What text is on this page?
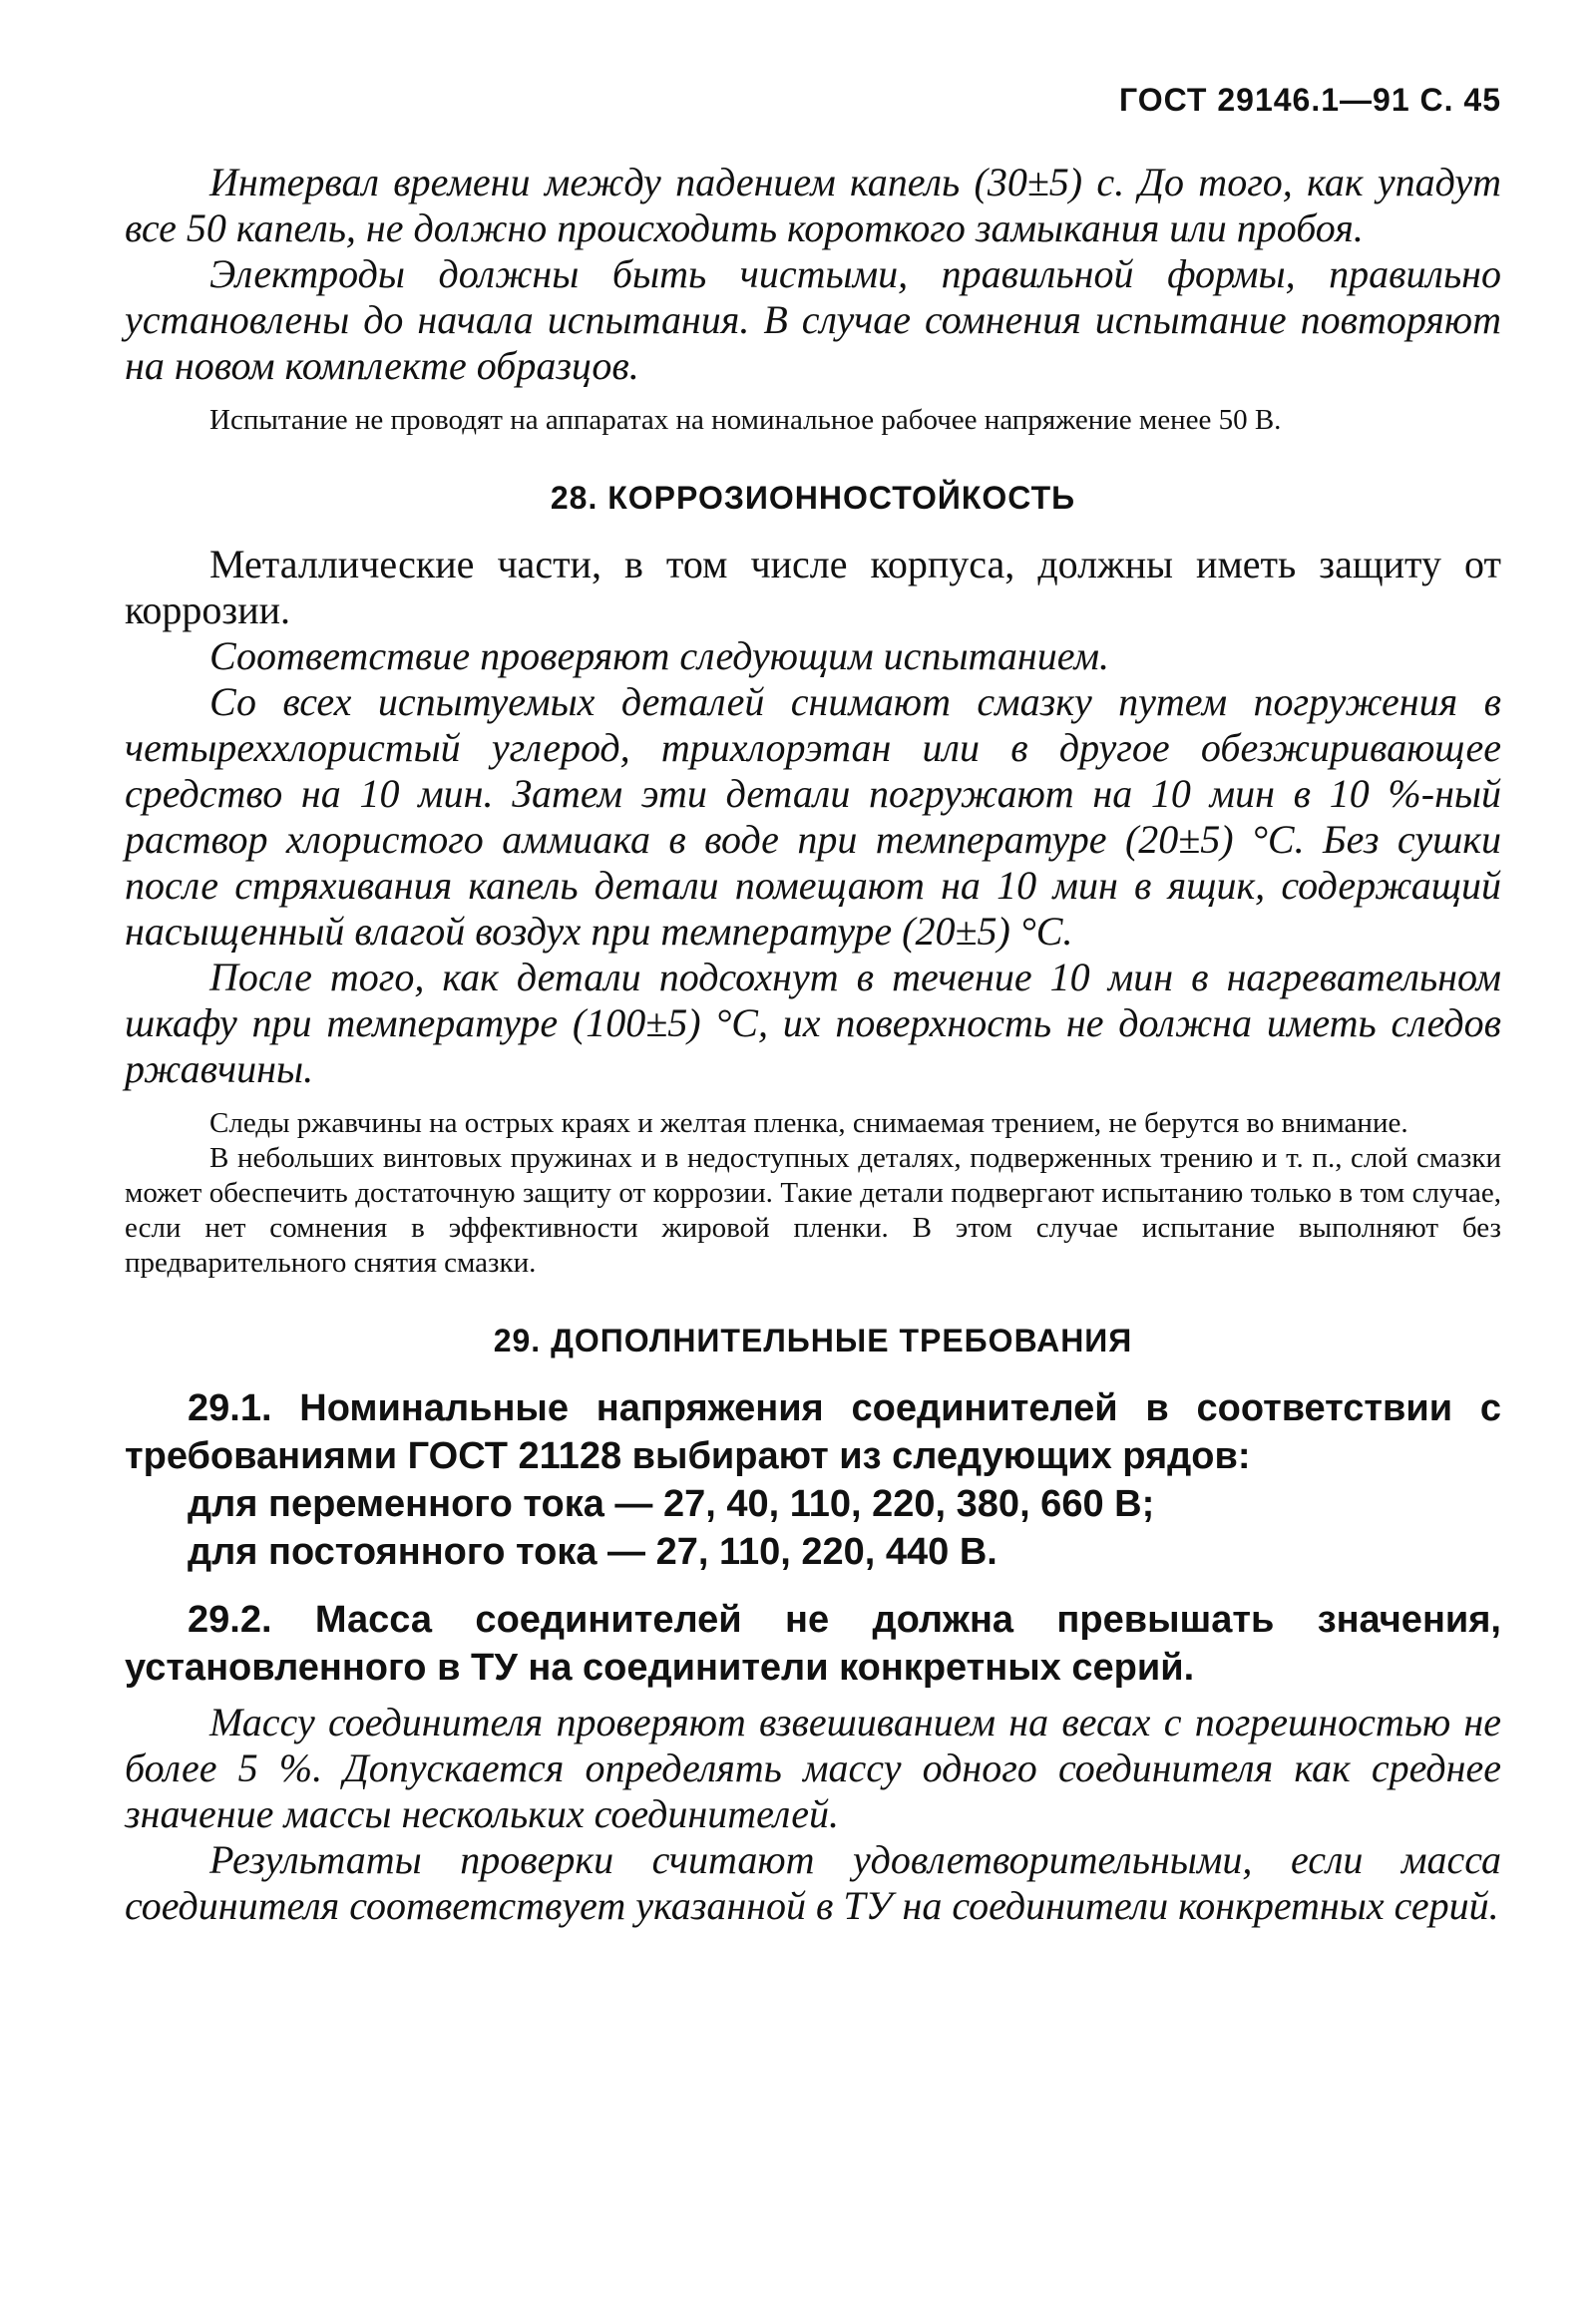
ГОСТ 29146.1—91 С. 45

Интервал времени между падением капель (30±5) с. До того, как упадут все 50 капель, не должно происходить короткого замыкания или пробоя.

Электроды должны быть чистыми, правильной формы, правильно установлены до начала испытания. В случае сомнения испытание повторяют на новом комплекте образцов.

Испытание не проводят на аппаратах на номинальное рабочее напряжение менее 50 В.

28. КОРРОЗИОННОСТОЙКОСТЬ

Металлические части, в том числе корпуса, должны иметь защиту от коррозии.

Соответствие проверяют следующим испытанием.

Со всех испытуемых деталей снимают смазку путем погружения в четыреххлористый углерод, трихлорэтан или в другое обезжиривающее средство на 10 мин. Затем эти детали погружают на 10 мин в 10 %-ный раствор хлористого аммиака в воде при температуре (20±5) °С. Без сушки после стряхивания капель детали помещают на 10 мин в ящик, содержащий насыщенный влагой воздух при температуре (20±5) °С.

После того, как детали подсохнут в течение 10 мин в нагревательном шкафу при температуре (100±5) °С, их поверхность не должна иметь следов ржавчины.

Следы ржавчины на острых краях и желтая пленка, снимаемая трением, не берутся во внимание.

В небольших винтовых пружинах и в недоступных деталях, подверженных трению и т. п., слой смазки может обеспечить достаточную защиту от коррозии. Такие детали подвергают испытанию только в том случае, если нет сомнения в эффективности жировой пленки. В этом случае испытание выполняют без предварительного снятия смазки.

29. ДОПОЛНИТЕЛЬНЫЕ ТРЕБОВАНИЯ

29.1. Номинальные напряжения соединителей в соответствии с требованиями ГОСТ 21128 выбирают из следующих рядов:

для переменного тока — 27, 40, 110, 220, 380, 660 В;

для постоянного тока — 27, 110, 220, 440 В.

29.2. Масса соединителей не должна превышать значения, установленного в ТУ на соединители конкретных серий.

Массу соединителя проверяют взвешиванием на весах с погрешностью не более 5 %. Допускается определять массу одного соединителя как среднее значение массы нескольких соединителей.

Результаты проверки считают удовлетворительными, если масса соединителя соответствует указанной в ТУ на соединители конкретных серий.
